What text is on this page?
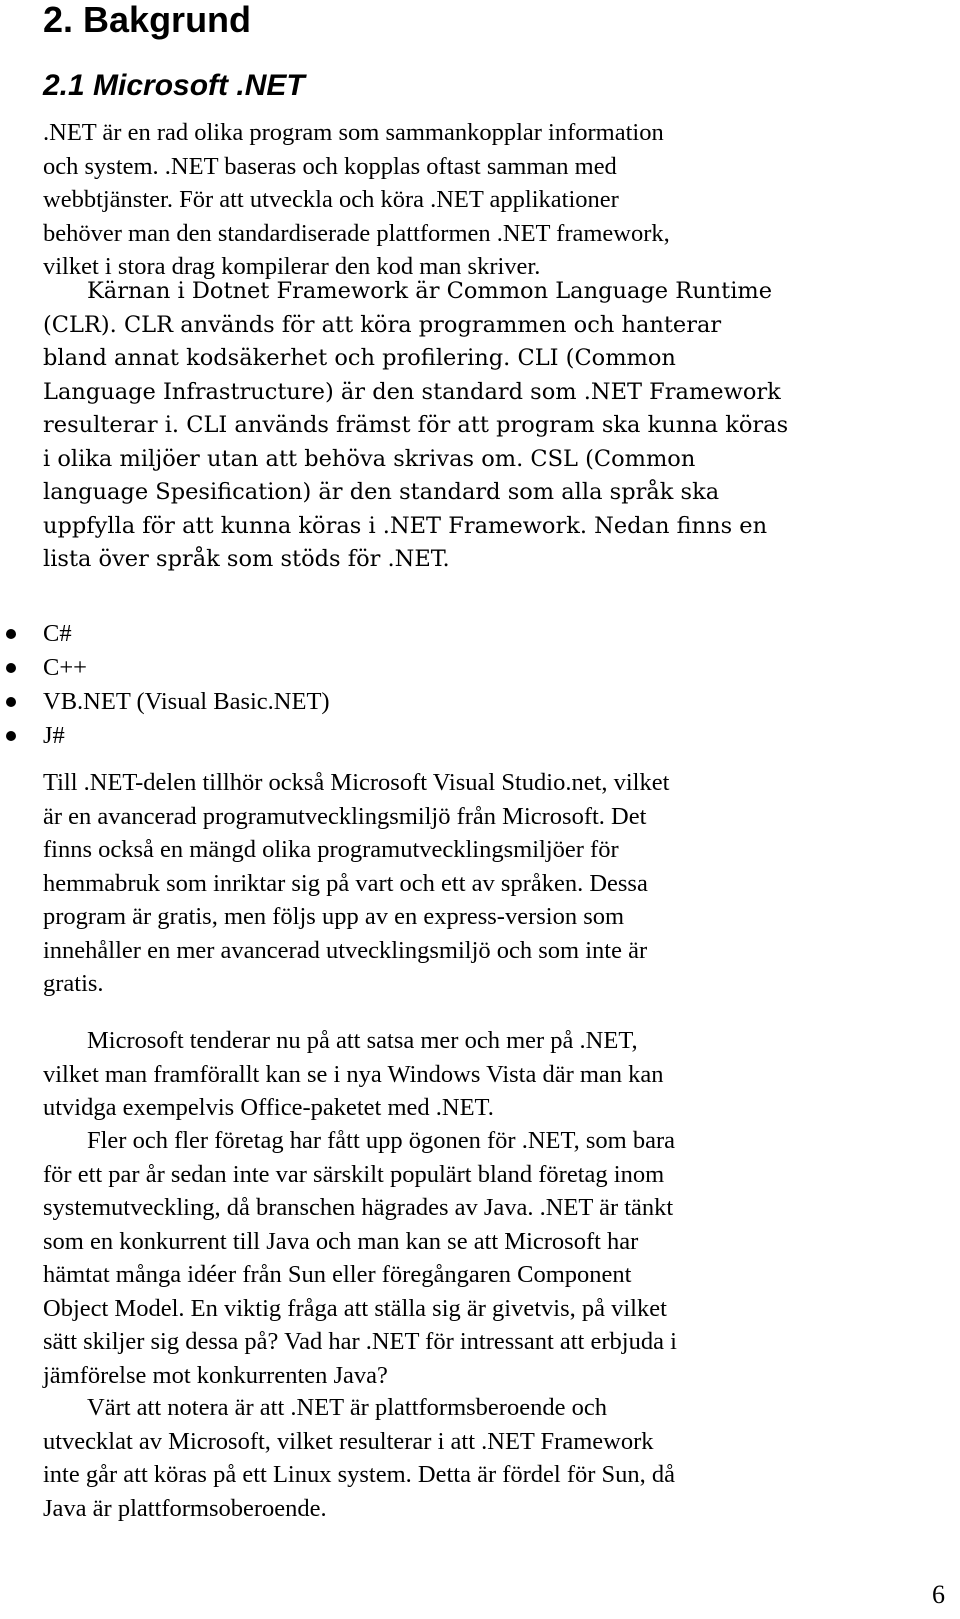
2. Bakgrund
2.1 Microsoft .NET
.NET är en rad olika program som sammankopplar information
och system. .NET baseras och kopplas oftast samman med
webbtjänster. För att utveckla och köra .NET applikationer
behöver man den standardiserade plattformen .NET framework,
vilket i stora drag kompilerar den kod man skriver.
Kärnan i Dotnet Framework är Common Language Runtime
(CLR). CLR används för att köra programmen och hanterar
bland annat kodsäkerhet och profilering. CLI (Common
Language Infrastructure) är den standard som .NET Framework
resulterar i. CLI används främst för att program ska kunna köras
i olika miljöer utan att behöva skrivas om. CSL (Common
language Spesification) är den standard som alla språk ska
uppfylla för att kunna köras i .NET Framework. Nedan finns en
lista över språk som stöds för .NET.
C#
C++
VB.NET (Visual Basic.NET)
J#
Till .NET-delen tillhör också Microsoft Visual Studio.net, vilket
är en avancerad programutvecklingsmiljö från Microsoft. Det
finns också en mängd olika programutvecklingsmiljöer för
hemmabruk som inriktar sig på vart och ett av språken. Dessa
program är gratis, men följs upp av en express-version som
innehåller en mer avancerad utvecklingsmiljö och som inte är
gratis.
Microsoft tenderar nu på att satsa mer och mer på .NET,
vilket man framförallt kan se i nya Windows Vista där man kan
utvidga exempelvis Office-paketet med .NET.
Fler och fler företag har fått upp ögonen för .NET, som bara
för ett par år sedan inte var särskilt populärt bland företag inom
systemutveckling, då branschen hägrades av Java. .NET är tänkt
som en konkurrent till Java och man kan se att Microsoft har
hämtat många idéer från Sun eller föregångaren Component
Object Model. En viktig fråga att ställa sig är givetvis, på vilket
sätt skiljer sig dessa på? Vad har .NET för intressant att erbjuda i
jämförelse mot konkurrenten Java?
Värt att notera är att .NET är plattformsberoende och
utvecklat av Microsoft, vilket resulterar i att .NET Framework
inte går att köras på ett Linux system. Detta är fördel för Sun, då
Java är plattformsoberoende.
6
